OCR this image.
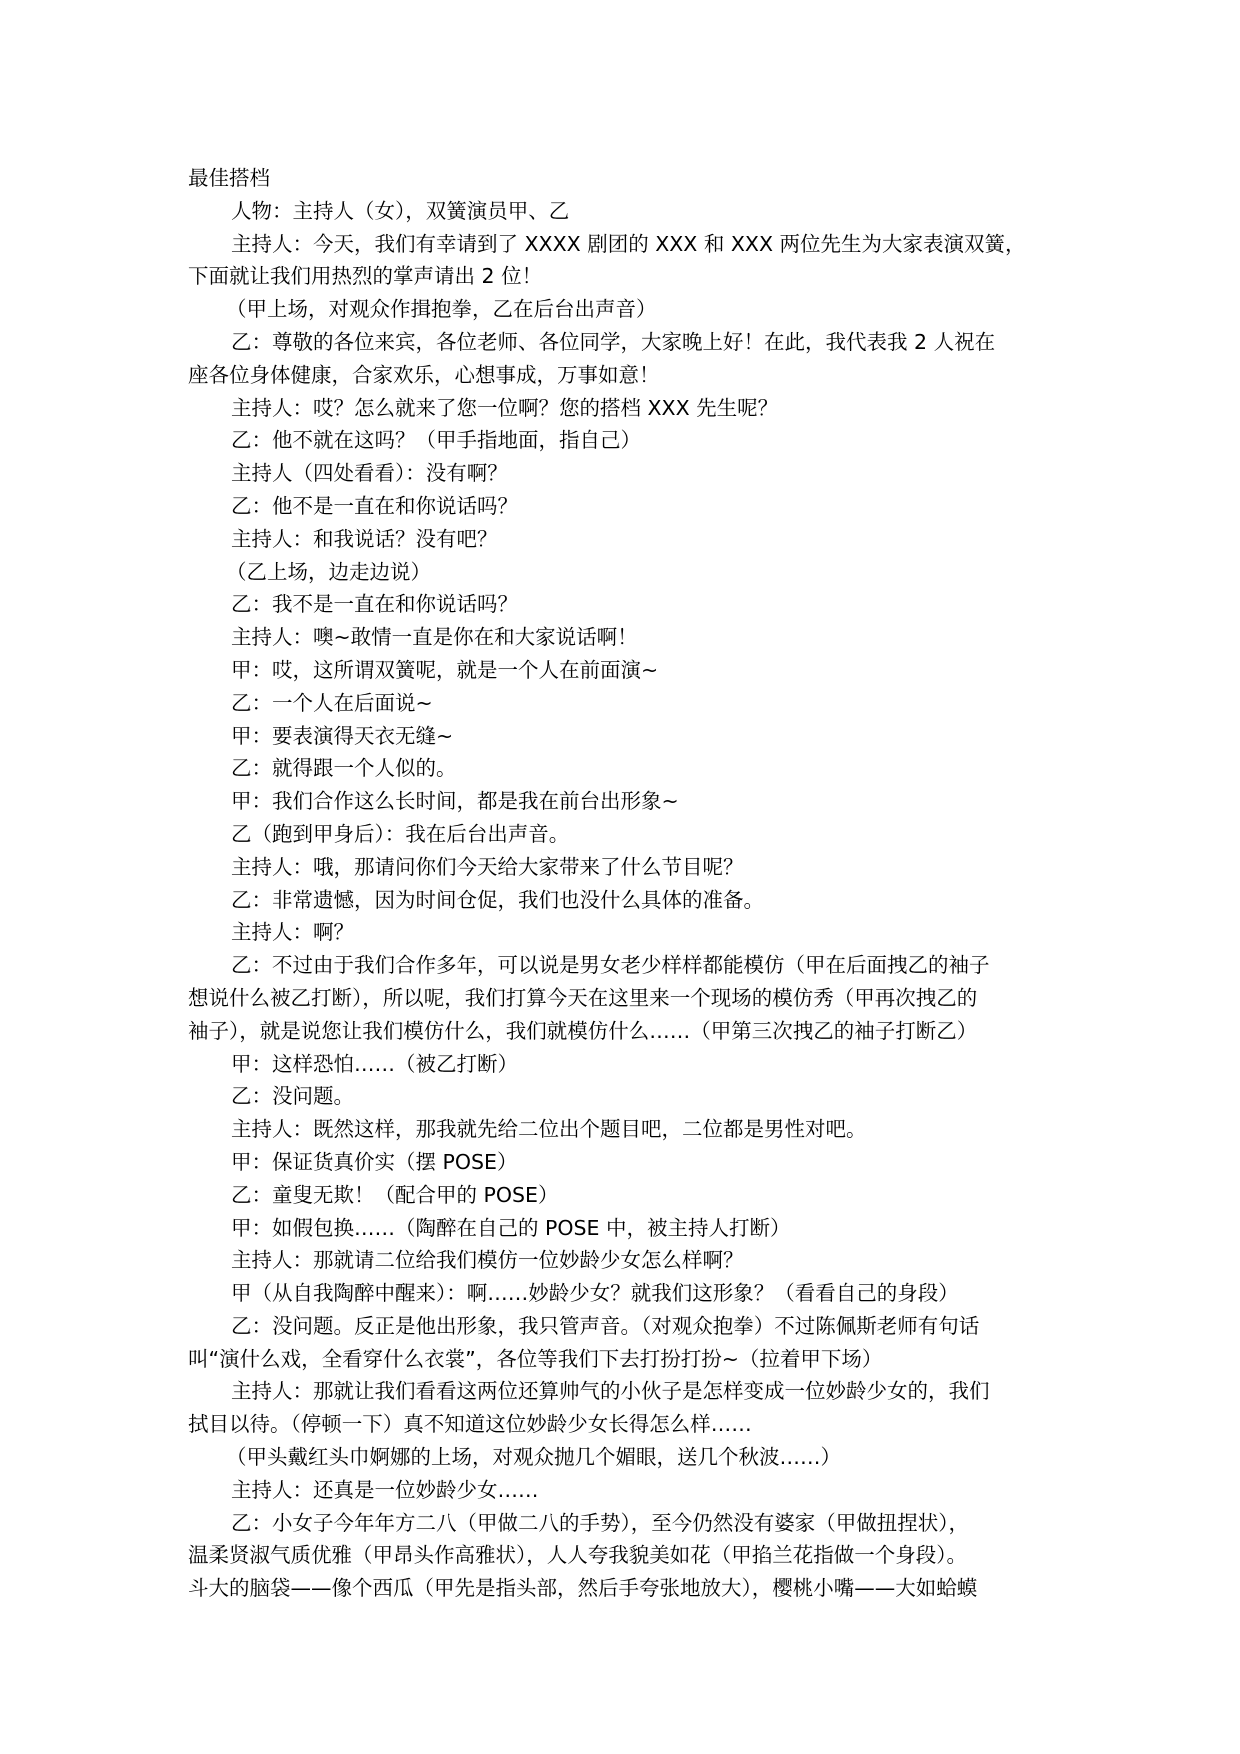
最佳搭档

人物：主持人（女），双簧演员甲、乙

主持人：今天，我们有幸请到了 XXXX 剧团的 XXX 和 XXX 两位先生为大家表演双簧，
下面就让我们用热烈的掌声请出 2 位！

（甲上场，对观众作揖抱拳，乙在后台出声音）

乙：尊敬的各位来宾，各位老师、各位同学，大家晚上好！在此，我代表我 2 人祝在
座各位身体健康，合家欢乐，心想事成，万事如意！

主持人：哎？怎么就来了您一位啊？您的搭档 XXX 先生呢？

乙：他不就在这吗？（甲手指地面，指自己）

主持人（四处看看）：没有啊？

乙：他不是一直在和你说话吗？

主持人：和我说话？没有吧？

（乙上场，边走边说）

乙：我不是一直在和你说话吗？

主持人：噢~敢情一直是你在和大家说话啊！

甲：哎，这所谓双簧呢，就是一个人在前面演~

乙：一个人在后面说~

甲：要表演得天衣无缝~

乙：就得跟一个人似的。

甲：我们合作这么长时间，都是我在前台出形象~

乙（跑到甲身后）：我在后台出声音。

主持人：哦，那请问你们今天给大家带来了什么节目呢？

乙：非常遗憾，因为时间仓促，我们也没什么具体的准备。

主持人：啊？

乙：不过由于我们合作多年，可以说是男女老少样样都能模仿（甲在后面拽乙的袖子
想说什么被乙打断），所以呢，我们打算今天在这里来一个现场的模仿秀（甲再次拽乙的
袖子），就是说您让我们模仿什么，我们就模仿什么……（甲第三次拽乙的袖子打断乙）

甲：这样恐怕……（被乙打断）

乙：没问题。

主持人：既然这样，那我就先给二位出个题目吧，二位都是男性对吧。

甲：保证货真价实（摆 POSE）

乙：童叟无欺！（配合甲的 POSE）

甲：如假包换……（陶醉在自己的 POSE 中，被主持人打断）

主持人：那就请二位给我们模仿一位妙龄少女怎么样啊？

甲（从自我陶醉中醒来）：啊……妙龄少女？就我们这形象？（看看自己的身段）

乙：没问题。反正是他出形象，我只管声音。（对观众抱拳）不过陈佩斯老师有句话
叫“演什么戏，全看穿什么衣裳”，各位等我们下去打扮打扮~（拉着甲下场）

主持人：那就让我们看看这两位还算帅气的小伙子是怎样变成一位妙龄少女的，我们
拭目以待。（停顿一下）真不知道这位妙龄少女长得怎么样……

（甲头戴红头巾婀娜的上场，对观众抛几个媚眼，送几个秋波……）

主持人：还真是一位妙龄少女……

乙：小女子今年年方二八（甲做二八的手势），至今仍然没有婆家（甲做扭捏状），
温柔贤淑气质优雅（甲昂头作高雅状），人人夸我貌美如花（甲掐兰花指做一个身段）。
斗大的脑袋——像个西瓜（甲先是指头部，然后手夸张地放大），樱桃小嘴——大如蛤蟆
